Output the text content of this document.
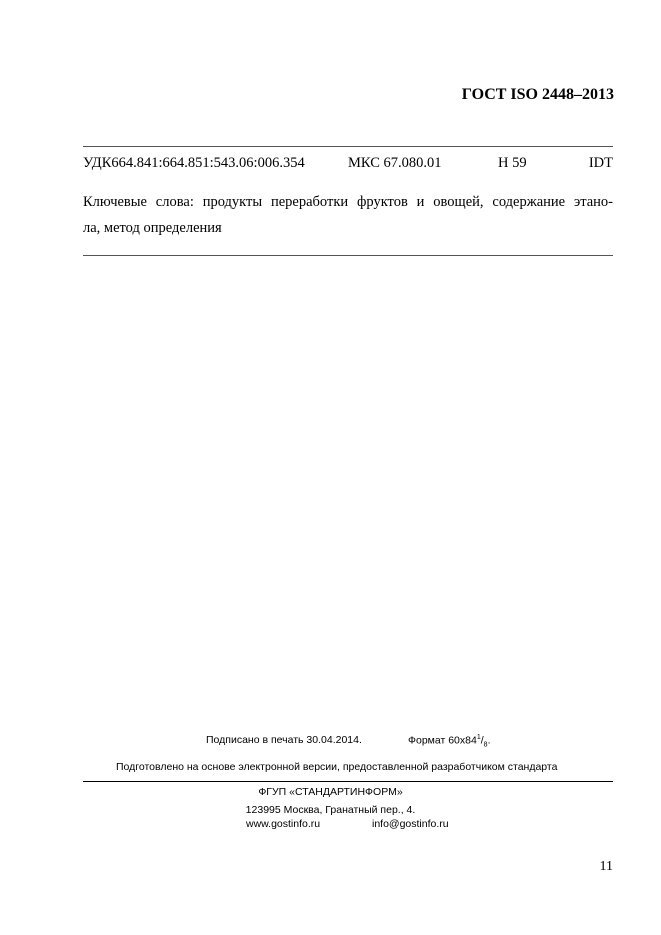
ГОСТ ISO 2448–2013
УДК664.841:664.851:543.06:006.354	МКС 67.080.01	Н 59	IDT
Ключевые слова: продукты переработки фруктов и овощей, содержание этано-
ла, метод определения
Подписано в печать 30.04.2014.	Формат $60х84^1/_8$.
Подготовлено на основе электронной версии, предоставленной разработчиком стандарта
ФГУП «СТАНДАРТИНФОРМ»
123995 Москва, Гранатный пер., 4.
www.gostinfo.ru	info@gostinfo.ru
11
